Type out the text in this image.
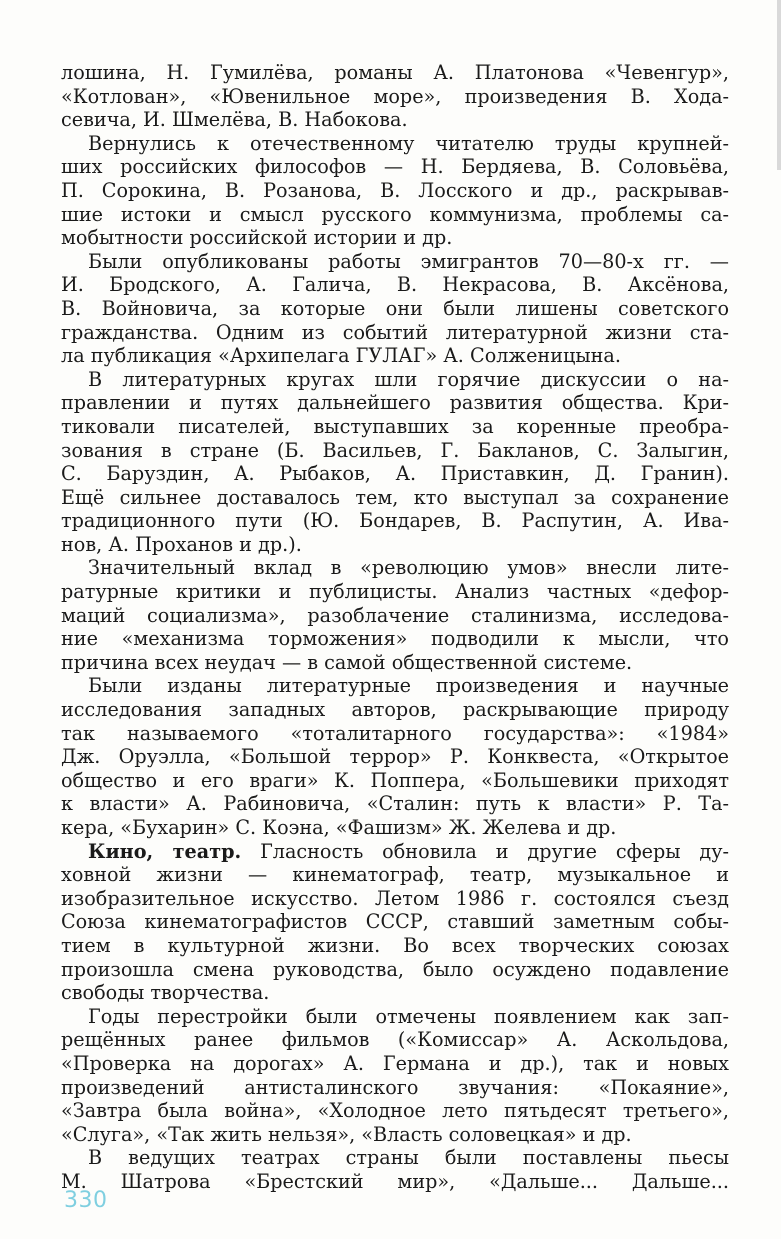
лошина, Н. Гумилёва, романы А. Платонова «Чевенгур»,
«Котлован», «Ювенильное море», произведения В. Хода-
севича, И. Шмелёва, В. Набокова.
Вернулись к отечественному читателю труды крупней-
ших российских философов — Н. Бердяева, В. Соловьёва,
П. Сорокина, В. Розанова, В. Лосского и др., раскрывав-
шие истоки и смысл русского коммунизма, проблемы са-
мобытности российской истории и др.
Были опубликованы работы эмигрантов 70—80-х гг. —
И. Бродского, А. Галича, В. Некрасова, В. Аксёнова,
В. Войновича, за которые они были лишены советского
гражданства. Одним из событий литературной жизни ста-
ла публикация «Архипелага ГУЛАГ» А. Солженицына.
В литературных кругах шли горячие дискуссии о на-
правлении и путях дальнейшего развития общества. Кри-
тиковали писателей, выступавших за коренные преобра-
зования в стране (Б. Васильев, Г. Бакланов, С. Залыгин,
С. Баруздин, А. Рыбаков, А. Приставкин, Д. Гранин).
Ещё сильнее доставалось тем, кто выступал за сохранение
традиционного пути (Ю. Бондарев, В. Распутин, А. Ива-
нов, А. Проханов и др.).
Значительный вклад в «революцию умов» внесли лите-
ратурные критики и публицисты. Анализ частных «дефор-
маций социализма», разоблачение сталинизма, исследова-
ние «механизма торможения» подводили к мысли, что
причина всех неудач — в самой общественной системе.
Были изданы литературные произведения и научные
исследования западных авторов, раскрывающие природу
так называемого «тоталитарного государства»: «1984»
Дж. Оруэлла, «Большой террор» Р. Конквеста, «Открытое
общество и его враги» К. Поппера, «Большевики приходят
к власти» А. Рабиновича, «Сталин: путь к власти» Р. Та-
кера, «Бухарин» С. Коэна, «Фашизм» Ж. Желева и др.
Кино, театр. Гласность обновила и другие сферы ду-
ховной жизни — кинематограф, театр, музыкальное и
изобразительное искусство. Летом 1986 г. состоялся съезд
Союза кинематографистов СССР, ставший заметным собы-
тием в культурной жизни. Во всех творческих союзах
произошла смена руководства, было осуждено подавление
свободы творчества.
Годы перестройки были отмечены появлением как зап-
рещённых ранее фильмов («Комиссар» А. Аскольдова,
«Проверка на дорогах» А. Германа и др.), так и новых
произведений антисталинского звучания: «Покаяние»,
«Завтра была война», «Холодное лето пятьдесят третьего»,
«Слуга», «Так жить нельзя», «Власть соловецкая» и др.
В ведущих театрах страны были поставлены пьесы
М. Шатрова «Брестский мир», «Дальше... Дальше...
330
